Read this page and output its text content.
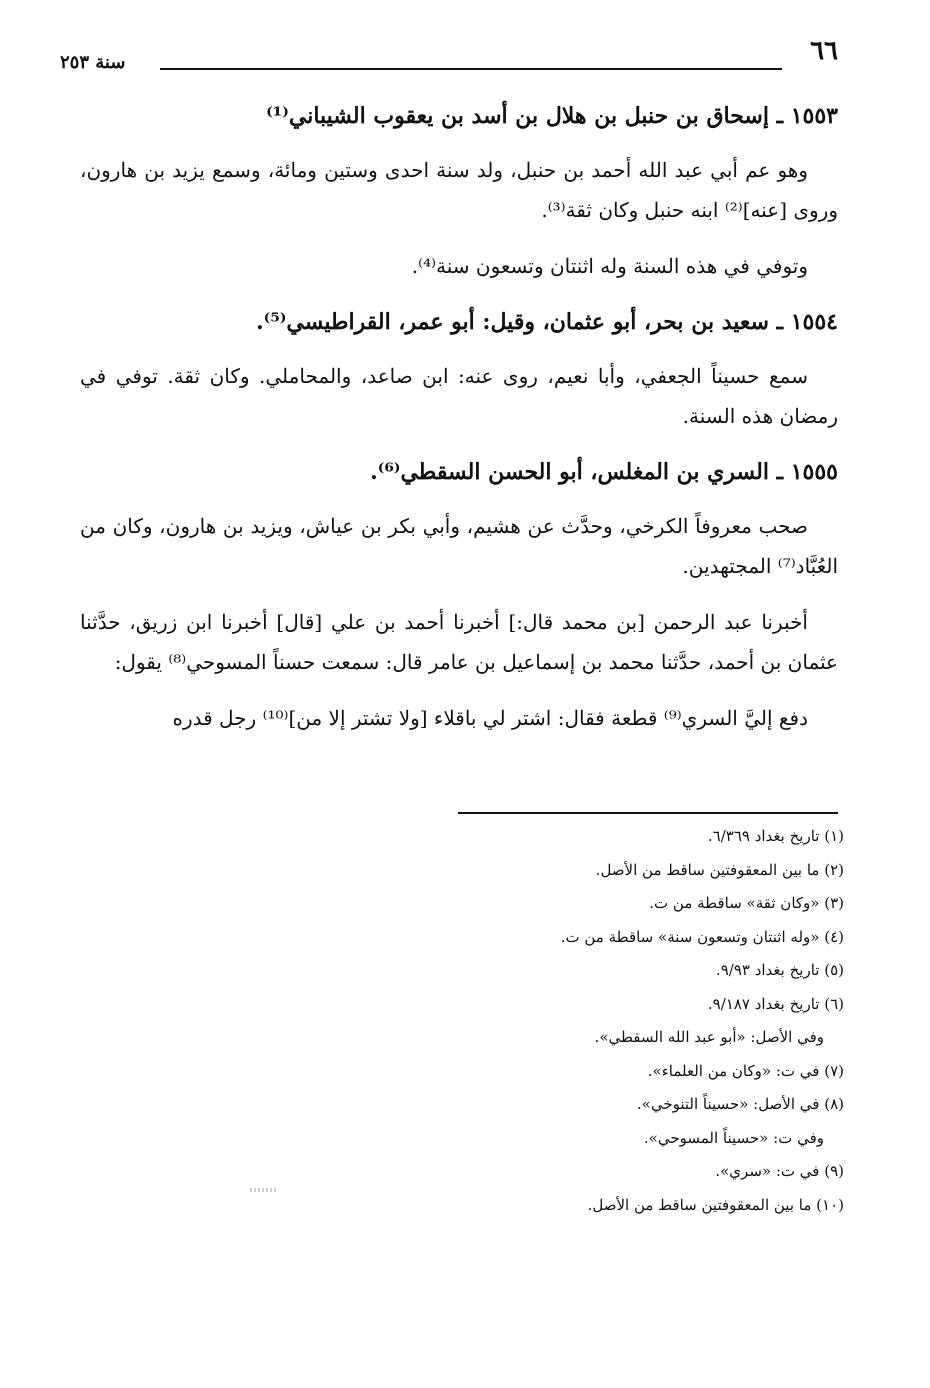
٦٦
سنة ٢٥٣

١٥٥٣ ـ إسحاق بن حنبل بن هلال بن أسد بن يعقوب الشيباني⁽¹⁾

وهو عم أبي عبد الله أحمد بن حنبل، ولد سنة احدى وستين ومائة، وسمع يزيد بن هارون، وروى [عنه]⁽²⁾ ابنه حنبل وكان ثقة⁽³⁾.

وتوفي في هذه السنة وله اثنتان وتسعون سنة⁽⁴⁾.

١٥٥٤ ـ سعيد بن بحر، أبو عثمان، وقيل: أبو عمر، القراطيسي⁽⁵⁾.

سمع حسيناً الجعفي، وأبا نعيم، روى عنه: ابن صاعد، والمحاملي. وكان ثقة. توفي في رمضان هذه السنة.

١٥٥٥ ـ السري بن المغلس، أبو الحسن السقطي⁽⁶⁾.

صحب معروفاً الكرخي، وحدَّث عن هشيم، وأبي بكر بن عياش، ويزيد بن هارون، وكان من العُبَّاد⁽⁷⁾ المجتهدين.

أخبرنا عبد الرحمن [بن محمد قال:] أخبرنا أحمد بن علي [قال] أخبرنا ابن زريق، حدَّثنا عثمان بن أحمد، حدَّثنا محمد بن إسماعيل بن عامر قال: سمعت حسناً المسوحي⁽⁸⁾ يقول:

دفع إليَّ السري⁽⁹⁾ قطعة فقال: اشتر لي باقلاء [ولا تشتر إلا من]⁽¹⁰⁾ رجل قدره

(١) تاريخ بغداد ٦/٣٦٩.

(٢) ما بين المعقوفتين ساقط من الأصل.

(٣) «وكان ثقة» ساقطة من ت.

(٤) «وله اثنتان وتسعون سنة» ساقطة من ت.

(٥) تاريخ بغداد ٩/٩٣.

(٦) تاريخ بغداد ٩/١٨٧.

وفي الأصل: «أبو عبد الله السقطي».

(٧) في ت: «وكان من العلماء».

(٨) في الأصل: «حسيناً التنوخي».

وفي ت: «حسيناً المسوحي».

(٩) في ت: «سري».

(١٠) ما بين المعقوفتين ساقط من الأصل.
